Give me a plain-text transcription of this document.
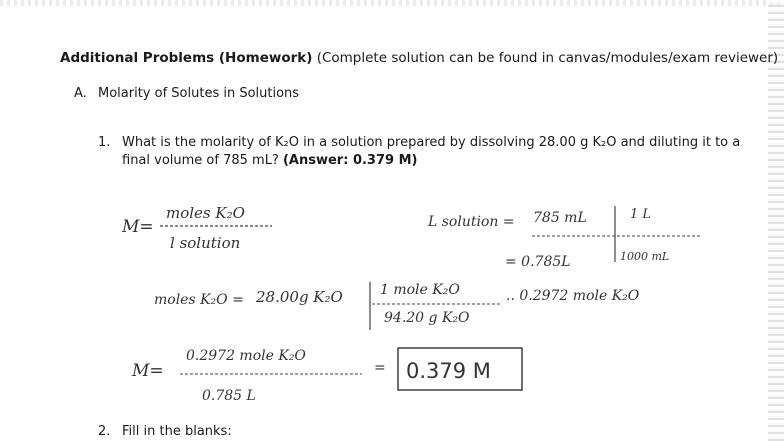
Additional Problems (Homework) (Complete solution can be found in canvas/modules/exam reviewer)
A. Molarity of Solutes in Solutions
1. What is the molarity of K₂O in a solution prepared by dissolving 28.00 g K₂O and diluting it to a
final volume of 785 mL? (Answer: 0.379 M)
M=
moles K₂O
l solution
L solution = 785 mL	1 L
= 0.785L	1000 mL
moles K₂O = 28.00g K₂O	1 mole K₂O
94.20 g K₂O
.. 0.2972 mole K₂O
M=
0.2972 mole K₂O
0.785 L
= 0.379 M
2. Fill in the blanks:
